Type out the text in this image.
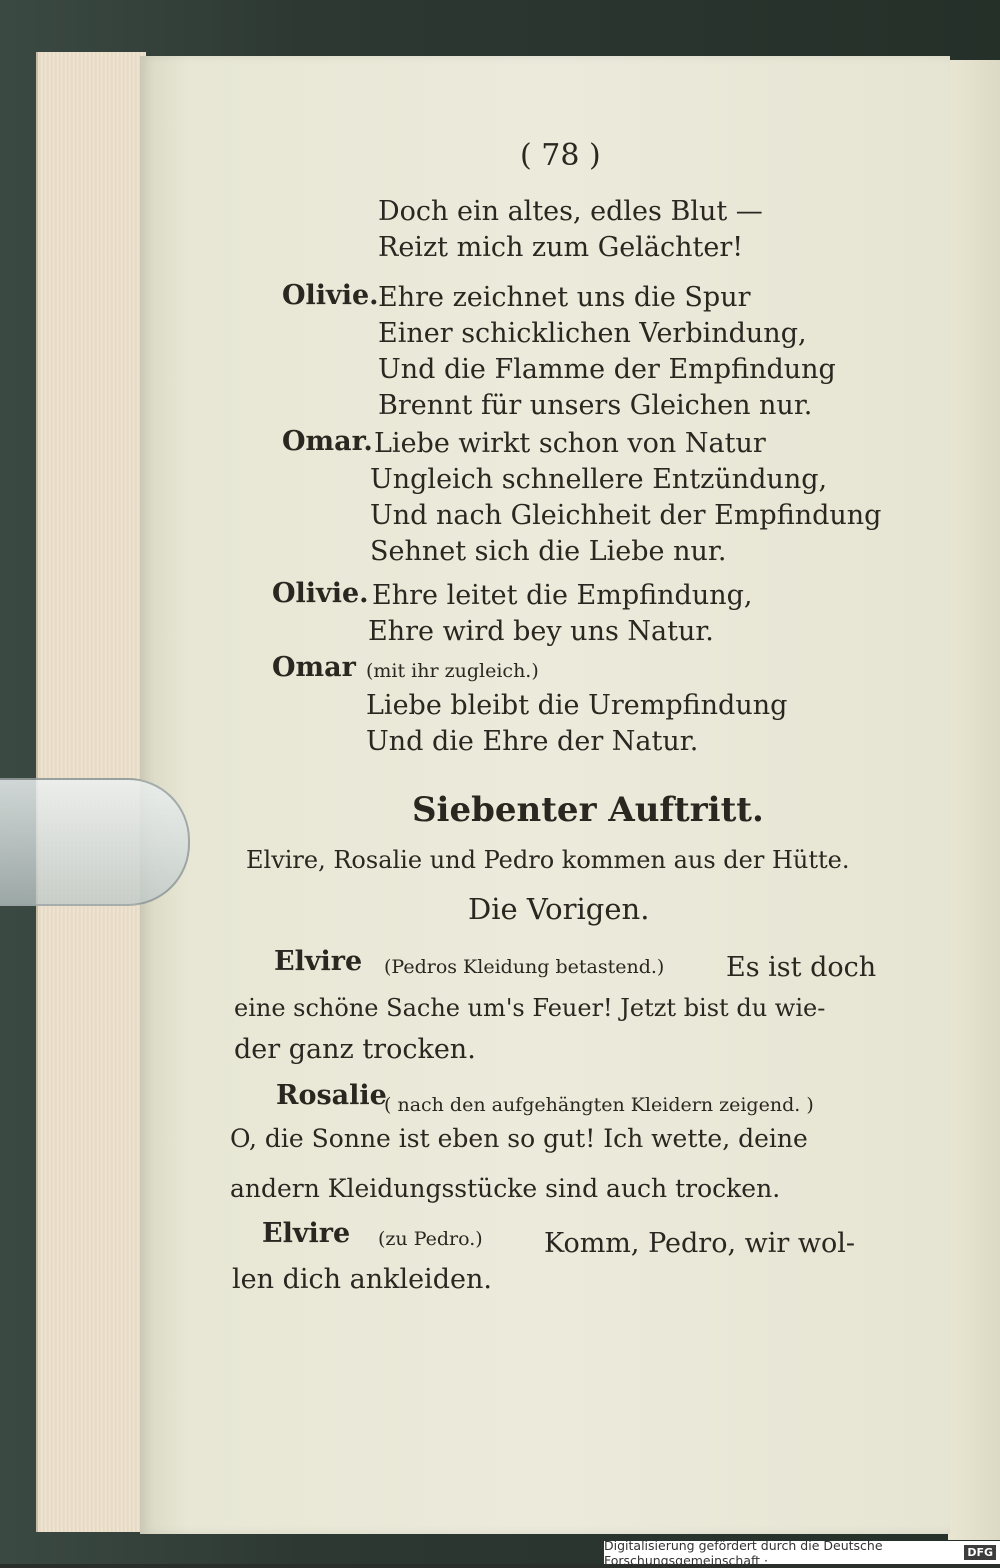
( 78 )
Doch ein altes, edles Blut —
Reizt mich zum Gelächter!
Olivie. Ehre zeichnet uns die Spur
Einer schicklichen Verbindung,
Und die Flamme der Empfindung
Brennt für unsers Gleichen nur.
Omar. Liebe wirkt schon von Natur
Ungleich schnellere Entzündung,
Und nach Gleichheit der Empfindung
Sehnet sich die Liebe nur.
Olivie. Ehre leitet die Empfindung,
Ehre wird bey uns Natur.
Omar (mit ihr zugleich.)
Liebe bleibt die Urempfindung
Und die Ehre der Natur.
Siebenter Auftritt.
Elvire, Rosalie und Pedro kommen aus der Hütte.
Die Vorigen.
Elvire (Pedros Kleidung betastend.) Es ist doch
eine schöne Sache um's Feuer! Jetzt bist du wie-
der ganz trocken.
Rosalie
( nach den aufgehängten Kleidern zeigend. )
O, die Sonne ist eben so gut! Ich wette, deine
andern Kleidungsstücke sind auch trocken.
Elvire (zu Pedro.) Komm, Pedro, wir wol-
len dich ankleiden.
Digitalisierung gefördert durch die Deutsche Forschungsgemeinschaft ·	DFG
